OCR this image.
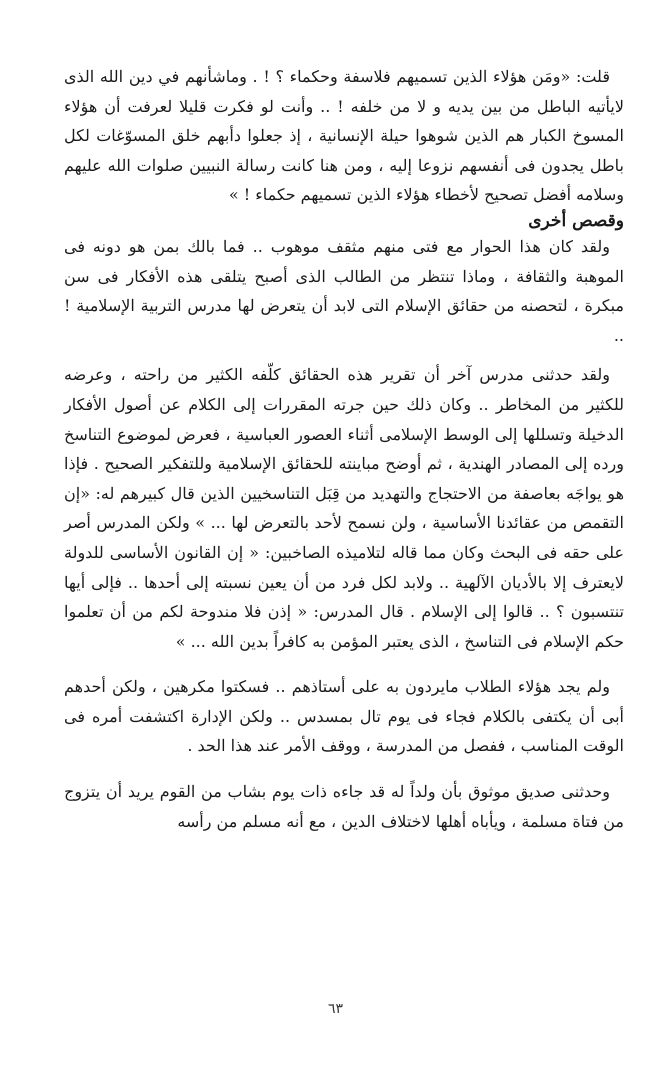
قلت: «ومَن هؤلاء الذين تسميهم فلاسفة وحكماء ؟ ! . وماشأنهم في دين الله الذى لايأتيه الباطل من بين يديه و لا من خلفه ! .. وأنت لو فكرت قليلا لعرفت أن هؤلاء المسوخ الكبار هم الذين شوهوا حيلة الإنسانية ، إذ جعلوا دأبهم خلق المسوّغات لكل باطل يجدون فى أنفسهم نزوعا إليه ، ومن هنا كانت رسالة النبيين صلوات الله عليهم وسلامه أفضل تصحيح لأخطاء هؤلاء الذين تسميهم حكماء ! »

وقصص أخرى

ولقد كان هذا الحوار مع فتى منهم مثقف موهوب .. فما بالك بمن هو دونه فى الموهبة والثقافة ، وماذا تنتظر من الطالب الذى أصبح يتلقى هذه الأفكار فى سن مبكرة ، لتحصنه من حقائق الإسلام التى لابد أن يتعرض لها مدرس التربية الإسلامية ! ..

ولقد حدثنى مدرس آخر أن تقرير هذه الحقائق كلّفه الكثير من راحته ، وعرضه للكثير من المخاطر .. وكان ذلك حين جرته المقررات إلى الكلام عن أصول الأفكار الدخيلة وتسللها إلى الوسط الإسلامى أثناء العصور العباسية ، فعرض لموضوع التناسخ ورده إلى المصادر الهندية ، ثم أوضح مباينته للحقائق الإسلامية وللتفكير الصحيح . فإذا هو يواجَه بعاصفة من الاحتجاج والتهديد من قِبَل التناسخيين الذين قال كبيرهم له: «إن التقمص من عقائدنا الأساسية ، ولن نسمح لأحد بالتعرض لها ... » ولكن المدرس أصر على حقه فى البحث وكان مما قاله لتلاميذه الصاخبين: « إن القانون الأساسى للدولة لايعترف إلا بالأديان الآلهية .. ولابد لكل فرد من أن يعين نسبته إلى أحدها .. فإلى أيها تنتسبون ؟ .. قالوا إلى الإسلام . قال المدرس: « إذن فلا مندوحة لكم من أن تعلموا حكم الإسلام فى التناسخ ، الذى يعتبر المؤمن به كافراً بدين الله ... »

ولم يجد هؤلاء الطلاب مايردون به على أستاذهم .. فسكتوا مكرهين ، ولكن أحدهم أبى أن يكتفى بالكلام فجاء فى يوم تال بمسدس .. ولكن الإدارة اكتشفت أمره فى الوقت المناسب ، ففصل من المدرسة ، ووقف الأمر عند هذا الحد .

وحدثنى صديق موثوق بأن ولداً له قد جاءه ذات يوم بشاب من القوم يريد أن يتزوج من فتاة مسلمة ، ويأباه أهلها لاختلاف الدين ، مع أنه مسلم من رأسه

٦٣
